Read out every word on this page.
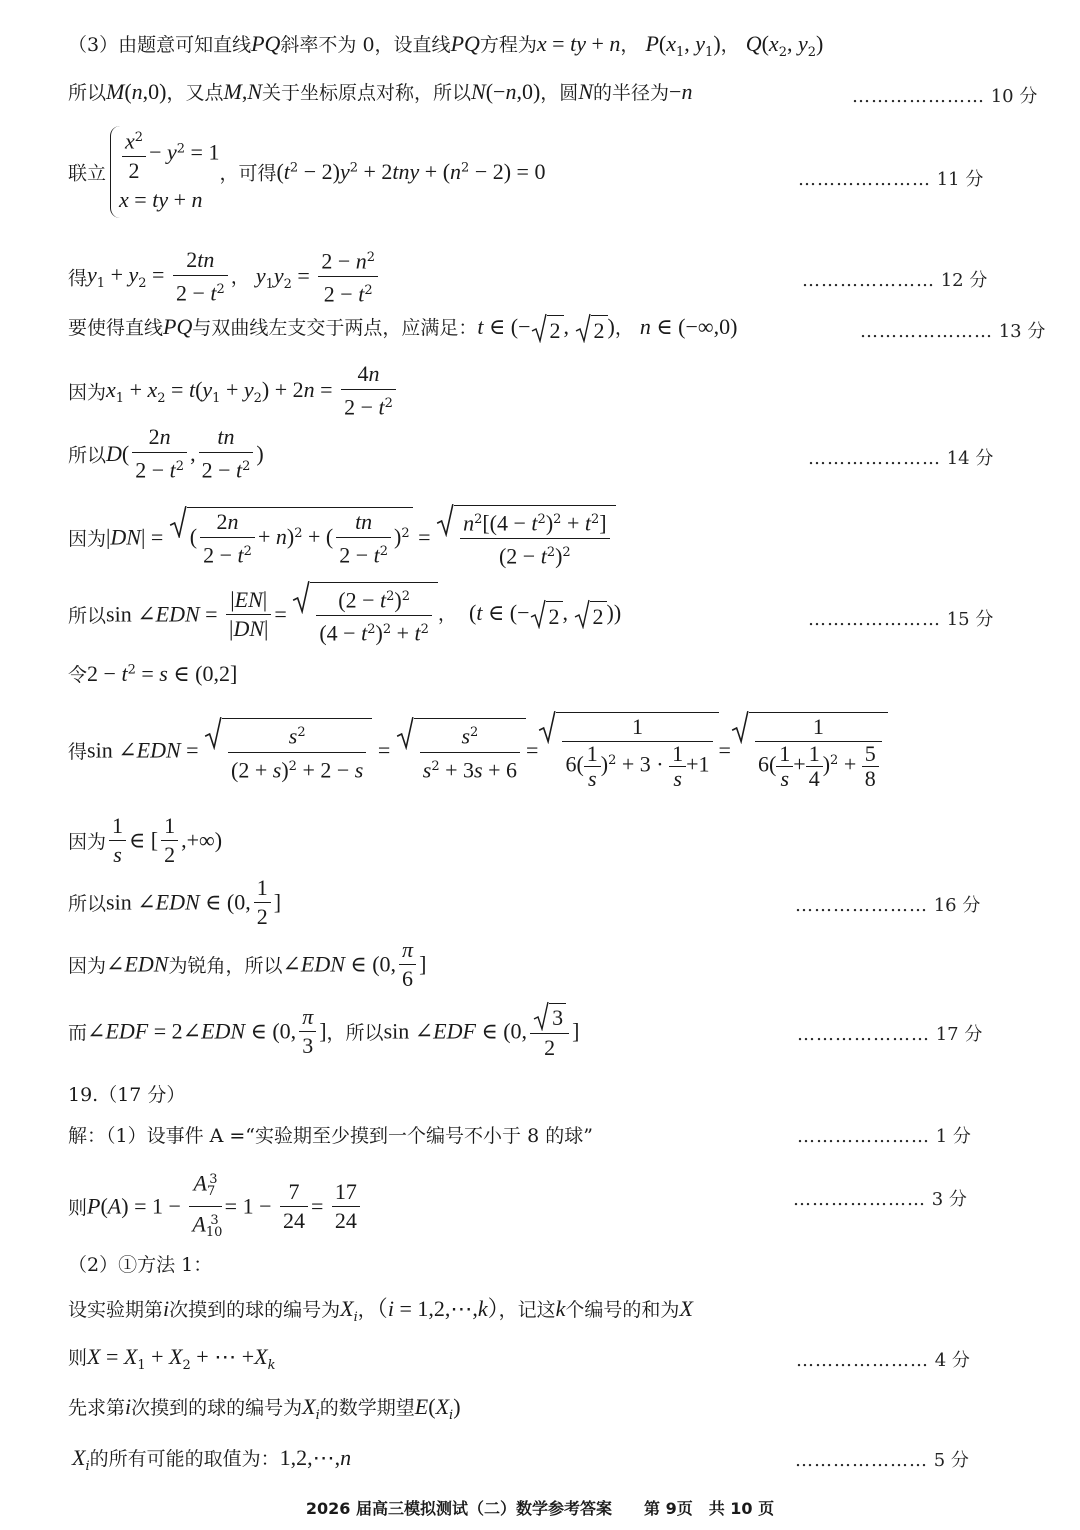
（3）由题意可知直线PQ斜率不为 0，设直线PQ方程为x = ty + n， $P(x_1$, $y_1$)， $Q(x_2$, $y_2$)
所以M(n,0)，又点M,N关于坐标原点对称，所以N(−n,0)，圆N的半径为−n	………………… 10 分
联立 $\frac{x^2}{2} - y^2 = 1$
x = ty + n
，可得$(t^2 - 2)y^2 + 2tny + (n^2 - 2) = 0$	………………… 11 分
得$y_1 + y_2 = \frac{2tn}{2 - t^2}$ ， $y_1y_2 = \frac{2 - n^2}{2 - t^2}$	………………… 12 分
要使得直线PQ与双曲线左支交于两点，应满足：t ∈ (− 2 ,
2 )， n ∈ (−∞,0)	………………… 13 分
因为$x_1 + x_2 = t(y_1 + y_2) + 2n = \frac{4n}{2 - t^2}$
所以$D( \frac{2n}{2 - t^2}$ , $\frac{tn}{2 - t^2}$ )	………………… 14 分
因为|DN| =
( $\frac{2n}{2 - t^2} + n)^2$ + ( $\frac{tn}{2 - t^2} )^2 = \frac{n^2[(4 - t^2)^2 + t^2]}{(2 - t^2)^2}$
所以sin ∠EDN = $\frac{|EN|}{|DN|} = \frac{(2 - t^2)^2}{(4 - t^2)^2 + t^2}$ ，  (t ∈ (− 2 ,
2 ))	………………… 15 分
令$2 - t^2 = s$ ∈ (0,2]
得sin ∠EDN = $\frac{s^2}{(2 + s)^2 + 2 - s} = \frac{s^2}{s^2 + 3s + 6} = \frac{1}{6( \frac{1}{s} )^2 + 3 \cdot \frac{1}{s} +1} = \frac{1}{6( \frac{1}{s} + \frac{1}{4} )^2 + \frac{5}{8}}$
因为 $\frac{1}{s}$ ∈ [ $\frac{1}{2}$ ,+∞)
所以sin ∠EDN ∈ (0, $\frac{1}{2}$ ]	………………… 16 分
因为∠EDN为锐角，所以∠EDN ∈ (0, $\frac{\pi}{6}$ ]
而∠EDF = 2∠EDN ∈ (0, $\frac{\pi}{3}$ ]，所以sin ∠EDF ∈ (0, $\frac{3}{2}$ ]	………………… 17 分
19.（17 分）
解：（1）设事件 A =“实验期至少摸到一个编号不小于 8 的球”	………………… 1 分
则$P(A) = 1 - \frac{A_7^3}{A_{10}^3} = 1 - \frac{7}{24} = \frac{17}{24}$	………………… 3 分
（2）①方法 1：
设实验期第i次摸到的球的编号为$X_i$，（i = 1,2,⋯,k），记这k个编号的和为X
则$X = X_1 + X_2$ + ⋯ $+X_k$	………………… 4 分
先求第i次摸到的球的编号为$X_i$的数学期望$E(X_i)$
$X_i$的所有可能的取值为：1,2,⋯,n	………………… 5 分
2026 届高三模拟测试（二）数学参考答案　　第 9页　共 10 页
